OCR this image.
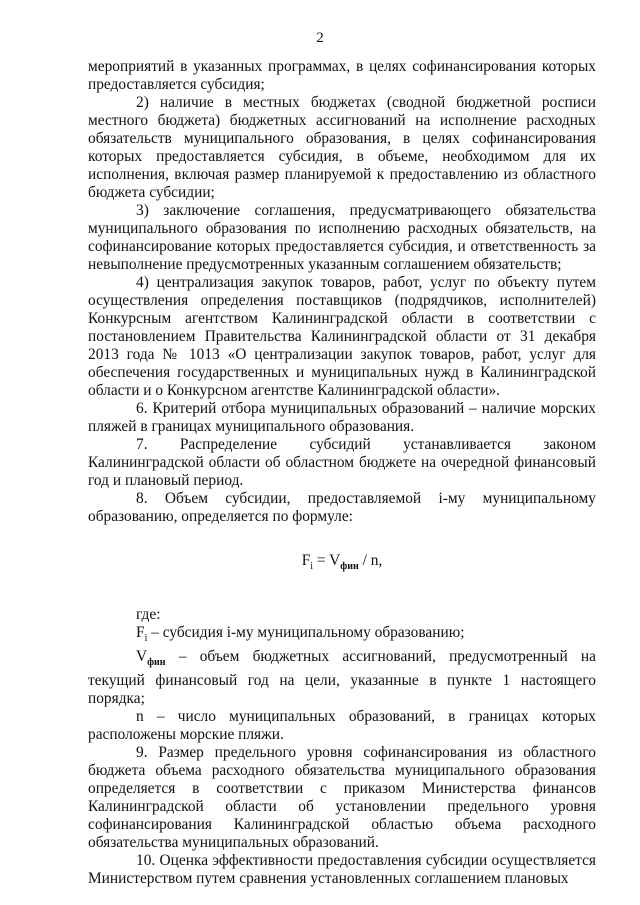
2

мероприятий в указанных программах, в целях софинансирования которых предоставляется субсидия;

2) наличие в местных бюджетах (сводной бюджетной росписи местного бюджета) бюджетных ассигнований на исполнение расходных обязательств муниципального образования, в целях софинансирования которых предоставляется субсидия, в объеме, необходимом для их исполнения, включая размер планируемой к предоставлению из областного бюджета субсидии;

3) заключение соглашения, предусматривающего обязательства муниципального образования по исполнению расходных обязательств, на софинансирование которых предоставляется субсидия, и ответственность за невыполнение предусмотренных указанным соглашением обязательств;

4) централизация закупок товаров, работ, услуг по объекту путем осуществления определения поставщиков (подрядчиков, исполнителей) Конкурсным агентством Калининградской области в соответствии с постановлением Правительства Калининградской области от 31 декабря 2013 года № 1013 «О централизации закупок товаров, работ, услуг для обеспечения государственных и муниципальных нужд в Калининградской области и о Конкурсном агентстве Калининградской области».

6. Критерий отбора муниципальных образований – наличие морских пляжей в границах муниципального образования.

7. Распределение субсидий устанавливается законом Калининградской области об областном бюджете на очередной финансовый год и плановый период.

8. Объем субсидии, предоставляемой i-му муниципальному образованию, определяется по формуле:

$F_i = V_{фин} / n$,

где:

$F_i$ – субсидия i-му муниципальному образованию;

$V_{фин}$ – объем бюджетных ассигнований, предусмотренный на текущий финансовый год на цели, указанные в пункте 1 настоящего порядка;

n – число муниципальных образований, в границах которых расположены морские пляжи.

9. Размер предельного уровня софинансирования из областного бюджета объема расходного обязательства муниципального образования определяется в соответствии с приказом Министерства финансов Калининградской области об установлении предельного уровня софинансирования Калининградской областью объема расходного обязательства муниципальных образований.

10. Оценка эффективности предоставления субсидии осуществляется Министерством путем сравнения установленных соглашением плановых
